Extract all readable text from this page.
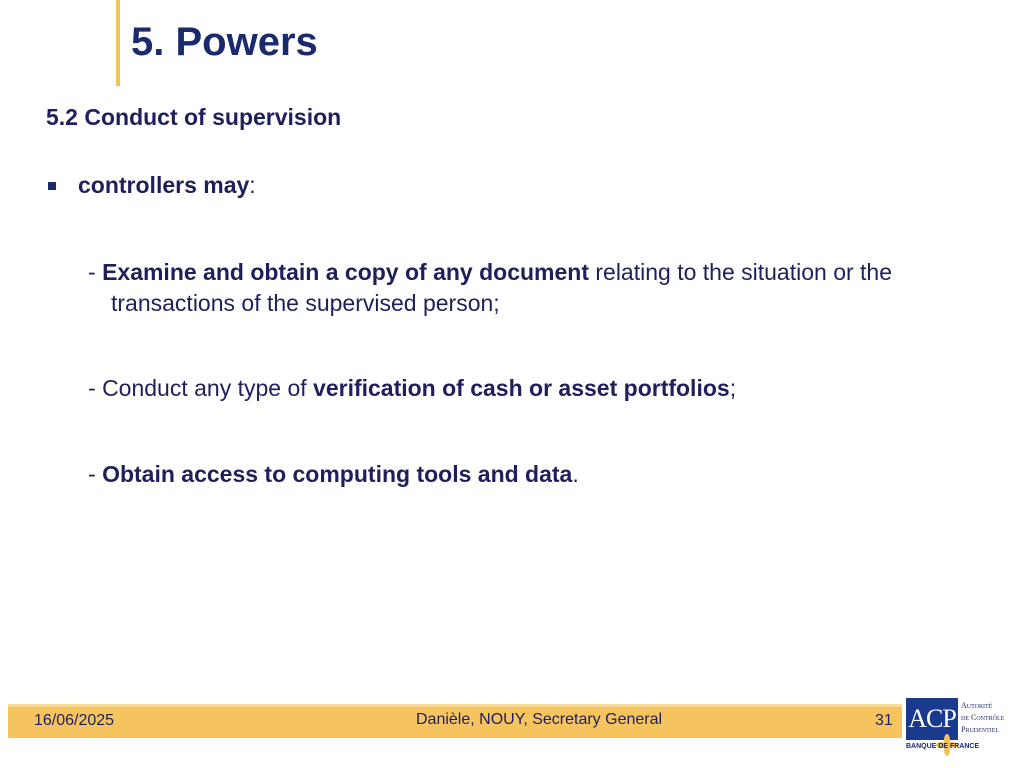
5. Powers
5.2 Conduct of supervision
controllers may :
- Examine and obtain a copy of any document relating to the situation or the
transactions of the supervised person;
- Conduct any type of verification of cash or asset portfolios;
- Obtain access to computing tools and data.
16/06/2025	Danièle, NOUY, Secretary General	31 ACP Autorité
de Contrôle
Prudentiel
BANQUE DE FRANCE
